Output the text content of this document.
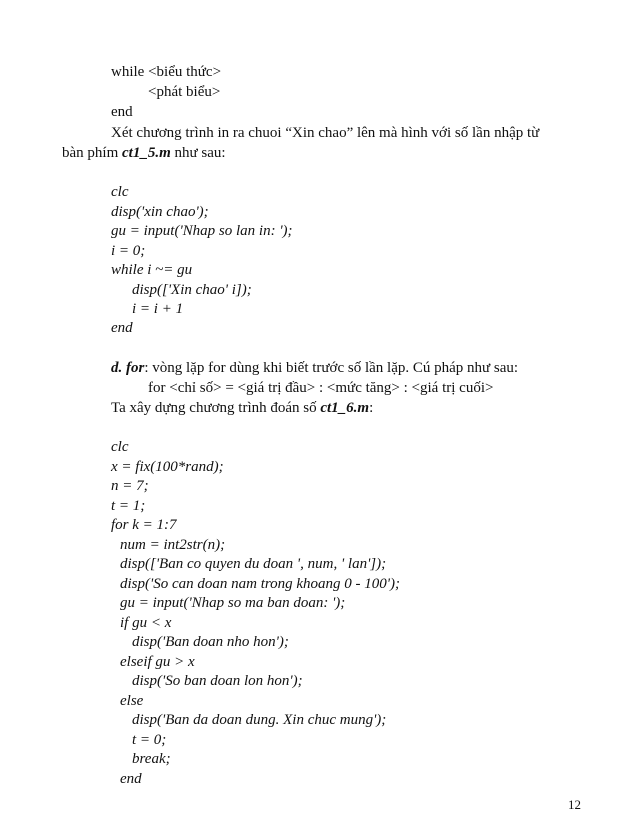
while <biểu thức>
<phát biểu>
end
Xét chương trình in ra chuoi “Xin chao” lên mà hình với số lần nhập từ
bàn phím ct1_5.m như sau:
clc
disp('xin chao');
gu = input('Nhap so lan in: ');
i = 0;
while i ~= gu
disp(['Xin chao' i]);
i = i + 1
end
d. for: vòng lặp for dùng khi biết trước số lần lặp. Cú pháp như sau:
for <chỉ số> = <giá trị đầu> : <mức tăng> : <giá trị cuối>
Ta xây dựng chương trình đoán số ct1_6.m:
clc
x = fix(100*rand);
n = 7;
t = 1;
for k = 1:7
num = int2str(n);
disp(['Ban co quyen du doan ', num, ' lan']);
disp('So can doan nam trong khoang 0 - 100');
gu = input('Nhap so ma ban doan: ');
if gu < x
disp('Ban doan nho hon');
elseif gu > x
disp('So ban doan lon hon');
else
disp('Ban da doan dung. Xin chuc mung');
t = 0;
break;
end
12
